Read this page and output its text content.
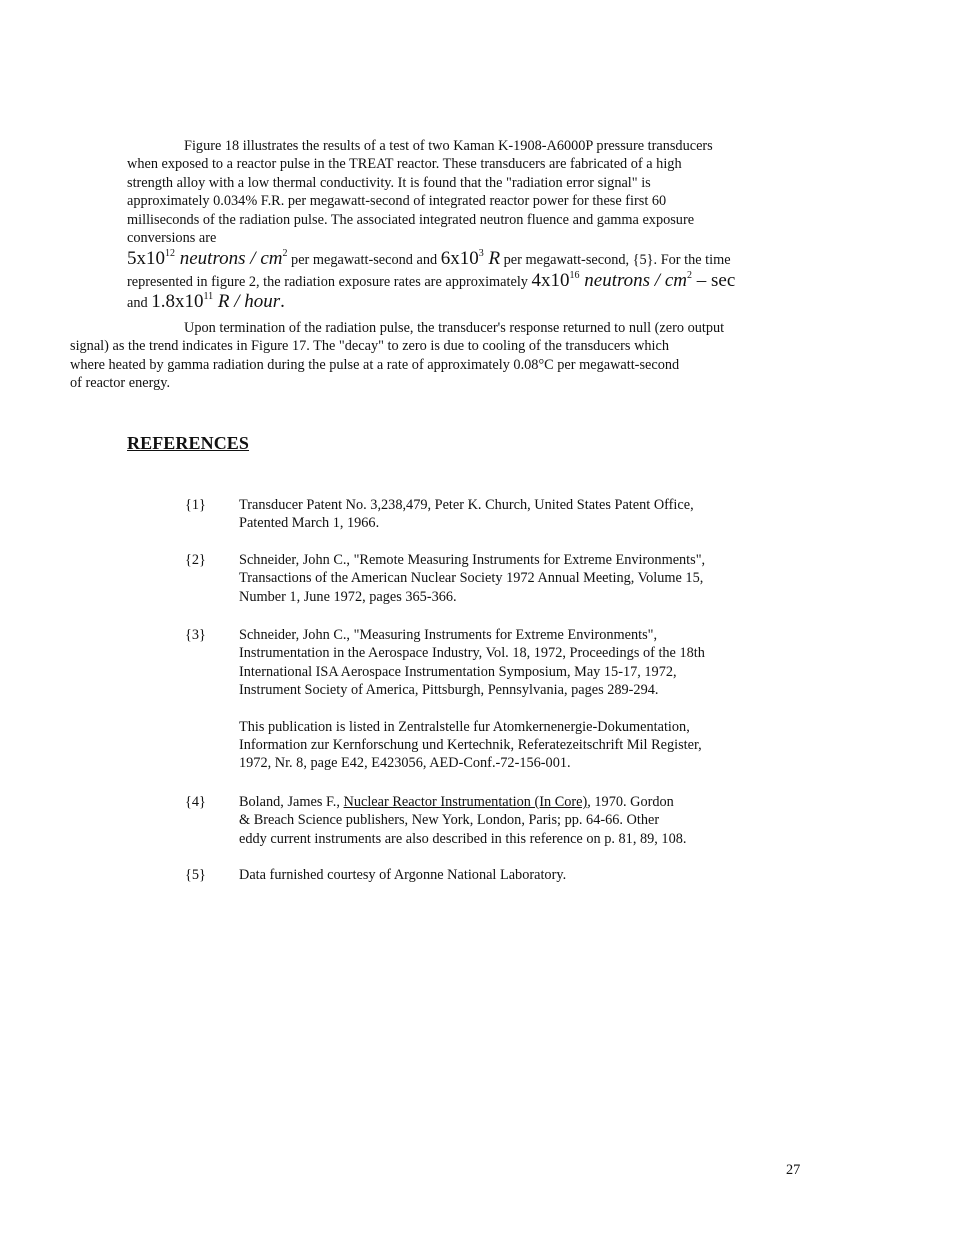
Figure 18 illustrates the results of a test of two Kaman K-1908-A6000P pressure transducers
when exposed to a reactor pulse in the TREAT reactor. These transducers are fabricated of a high
strength alloy with a low thermal conductivity. It is found that the "radiation error signal" is
approximately 0.034% F.R. per megawatt-second of integrated reactor power for these first 60
milliseconds of the radiation pulse. The associated integrated neutron fluence and gamma exposure
conversions are
$5x10^{12}$ neutrons / $cm^2$ per megawatt-second and $6x10^3$ R per megawatt-second, {5}. For the time
represented in figure 2, the radiation exposure rates are approximately $4x10^{16}$ neutrons / $cm^2$ – sec
and $1.8x10^{11}$ R / hour.
Upon termination of the radiation pulse, the transducer's response returned to null (zero output
signal) as the trend indicates in Figure 17. The "decay" to zero is due to cooling of the transducers which
where heated by gamma radiation during the pulse at a rate of approximately 0.08°C per megawatt-second
of reactor energy.
REFERENCES
{1}	Transducer Patent No. 3,238,479, Peter K. Church, United States Patent Office,
Patented March 1, 1966.
{2}	Schneider, John C., "Remote Measuring Instruments for Extreme Environments",
Transactions of the American Nuclear Society 1972 Annual Meeting, Volume 15,
Number 1, June 1972, pages 365-366.
{3}	Schneider, John C., "Measuring Instruments for Extreme Environments",
Instrumentation in the Aerospace Industry, Vol. 18, 1972, Proceedings of the 18th
International ISA Aerospace Instrumentation Symposium, May 15-17, 1972,
Instrument Society of America, Pittsburgh, Pennsylvania, pages 289-294.
This publication is listed in Zentralstelle fur Atomkernenergie-Dokumentation,
Information zur Kernforschung und Kertechnik, Referatezeitschrift Mil Register,
1972, Nr. 8, page E42, E423056, AED-Conf.-72-156-001.
{4}	Boland, James F., Nuclear Reactor Instrumentation (In Core), 1970. Gordon
& Breach Science publishers, New York, London, Paris; pp. 64-66. Other
eddy current instruments are also described in this reference on p. 81, 89, 108.
{5}	Data furnished courtesy of Argonne National Laboratory.
27
